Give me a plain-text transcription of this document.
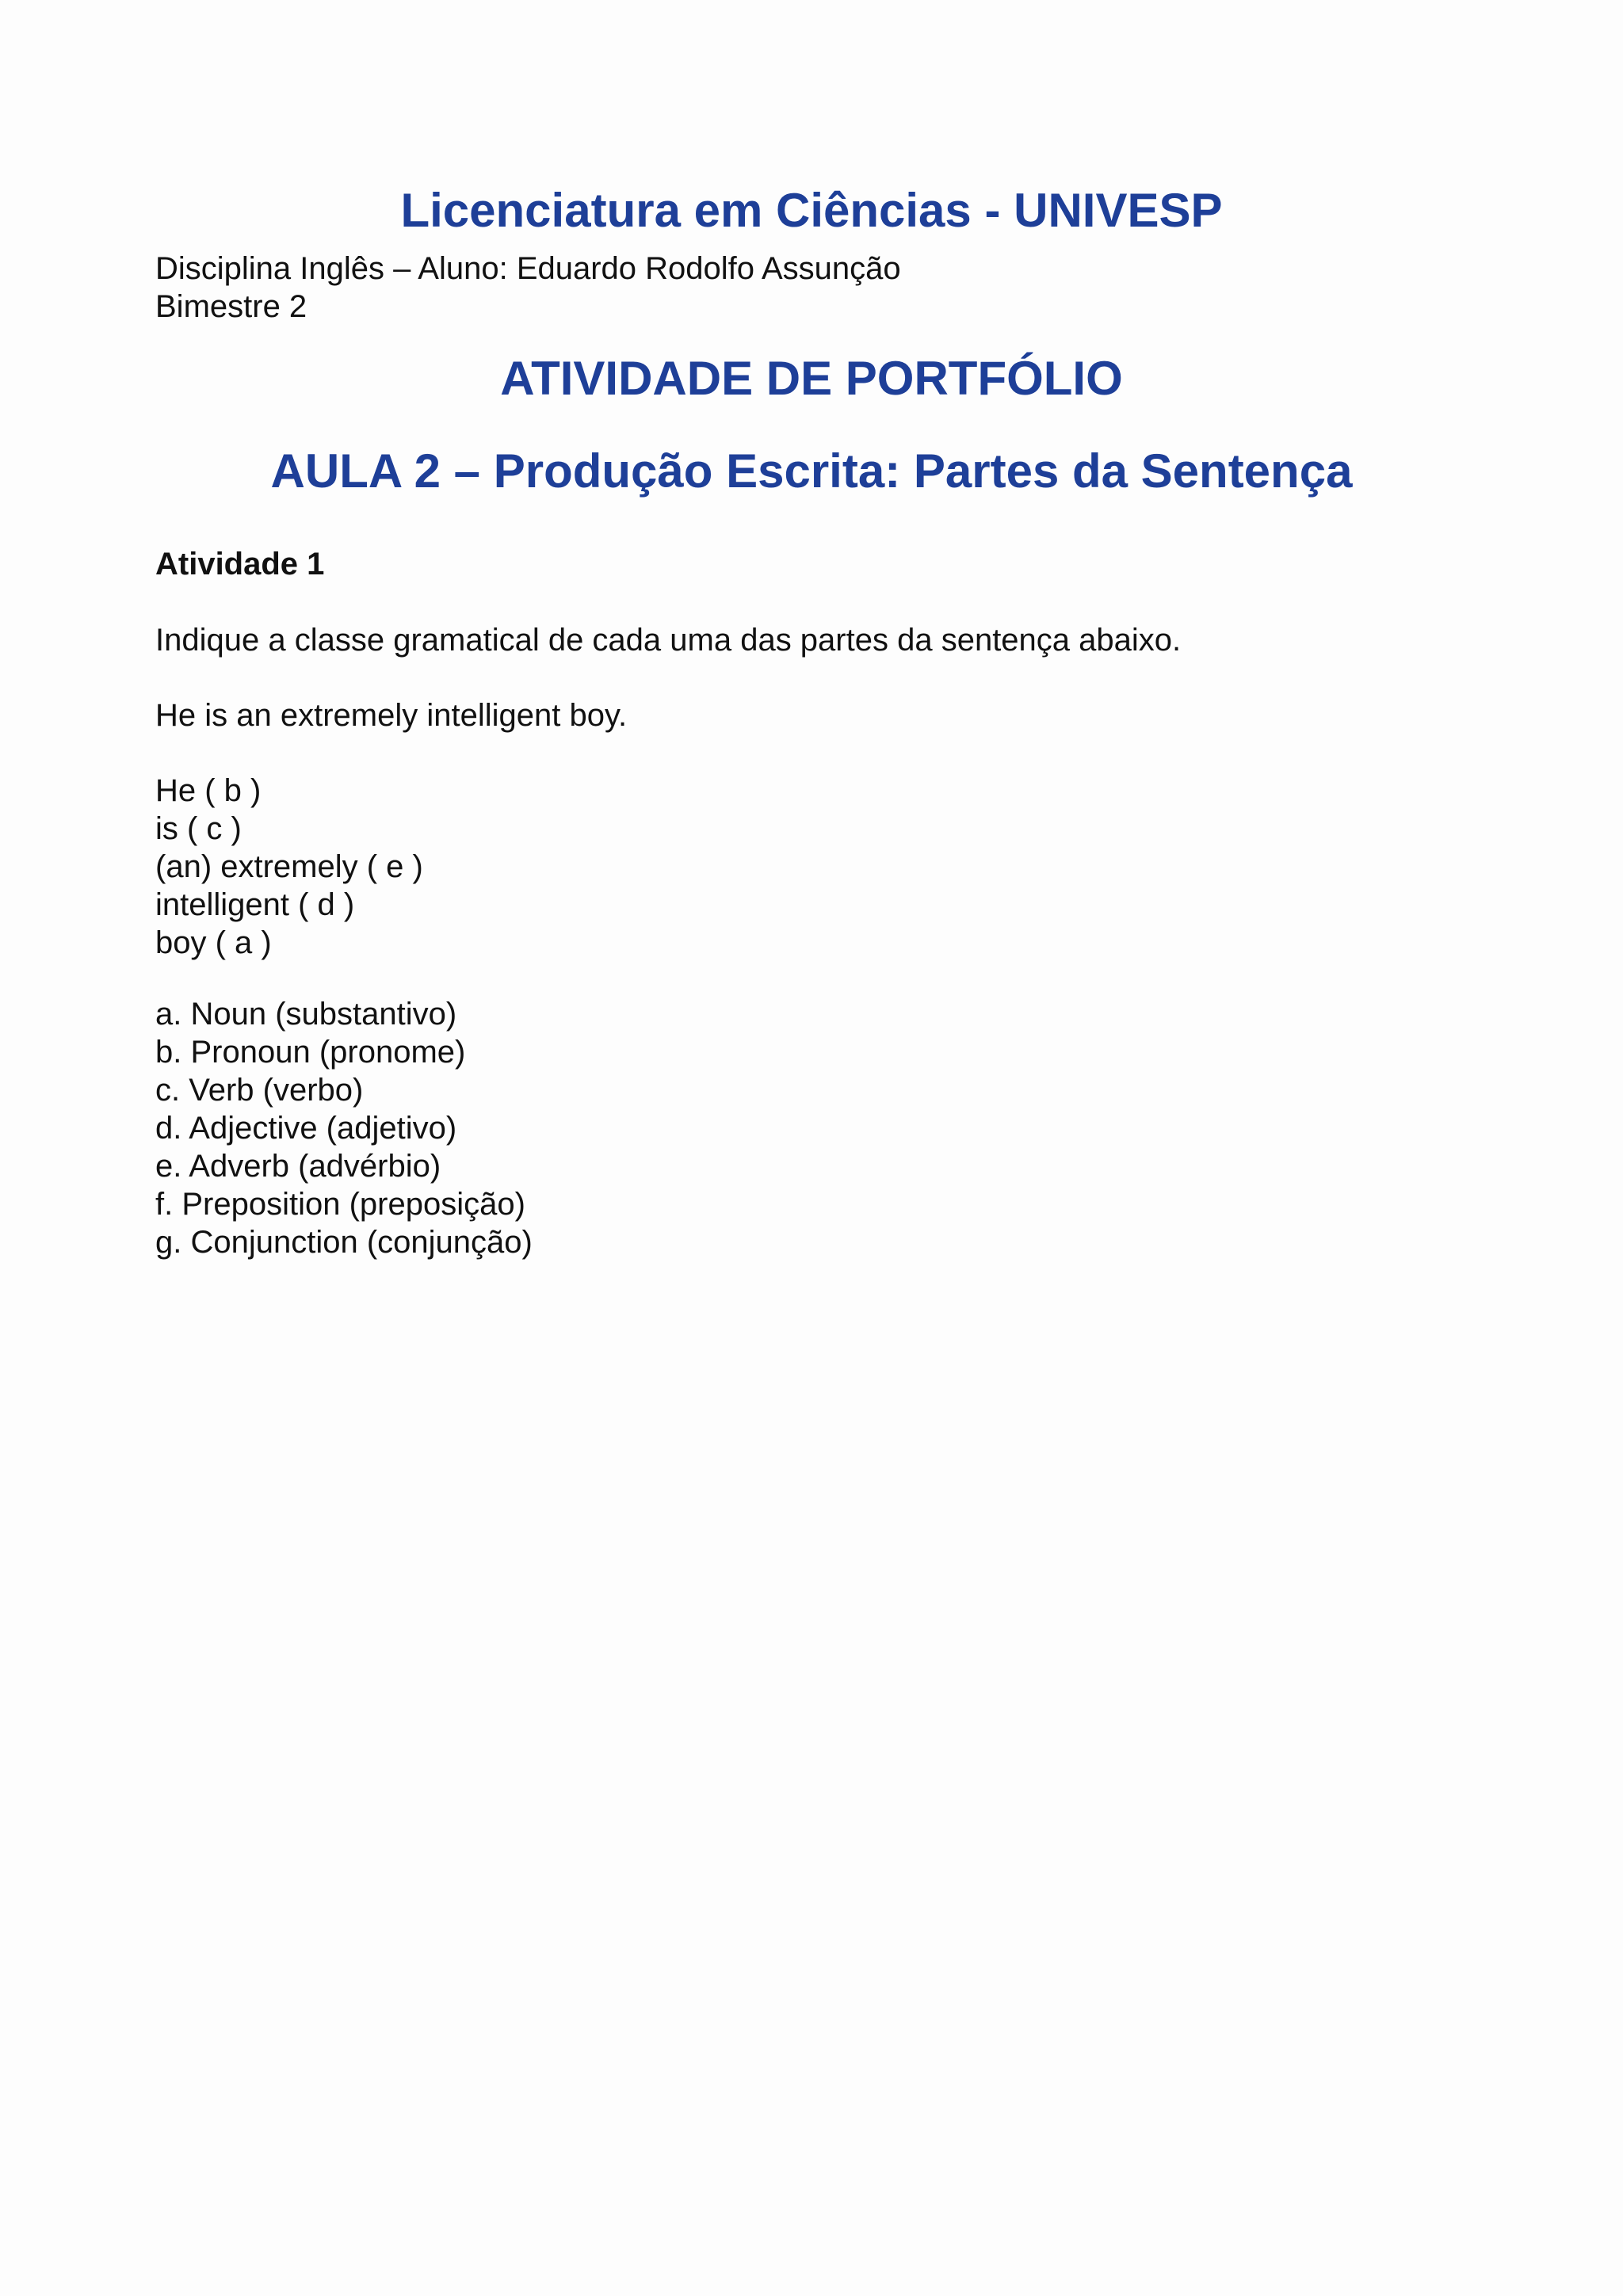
Licenciatura em Ciências - UNIVESP
Disciplina Inglês – Aluno: Eduardo Rodolfo Assunção
Bimestre 2
ATIVIDADE DE PORTFÓLIO
AULA 2 – Produção Escrita: Partes da Sentença
Atividade 1
Indique a classe gramatical de cada uma das partes da sentença abaixo.
He is an extremely intelligent boy.
He ( b )
is ( c )
(an) extremely ( e )
intelligent ( d )
boy ( a )
a. Noun (substantivo)
b. Pronoun (pronome)
c. Verb (verbo)
d. Adjective (adjetivo)
e. Adverb (advérbio)
f. Preposition (preposição)
g. Conjunction (conjunção)
